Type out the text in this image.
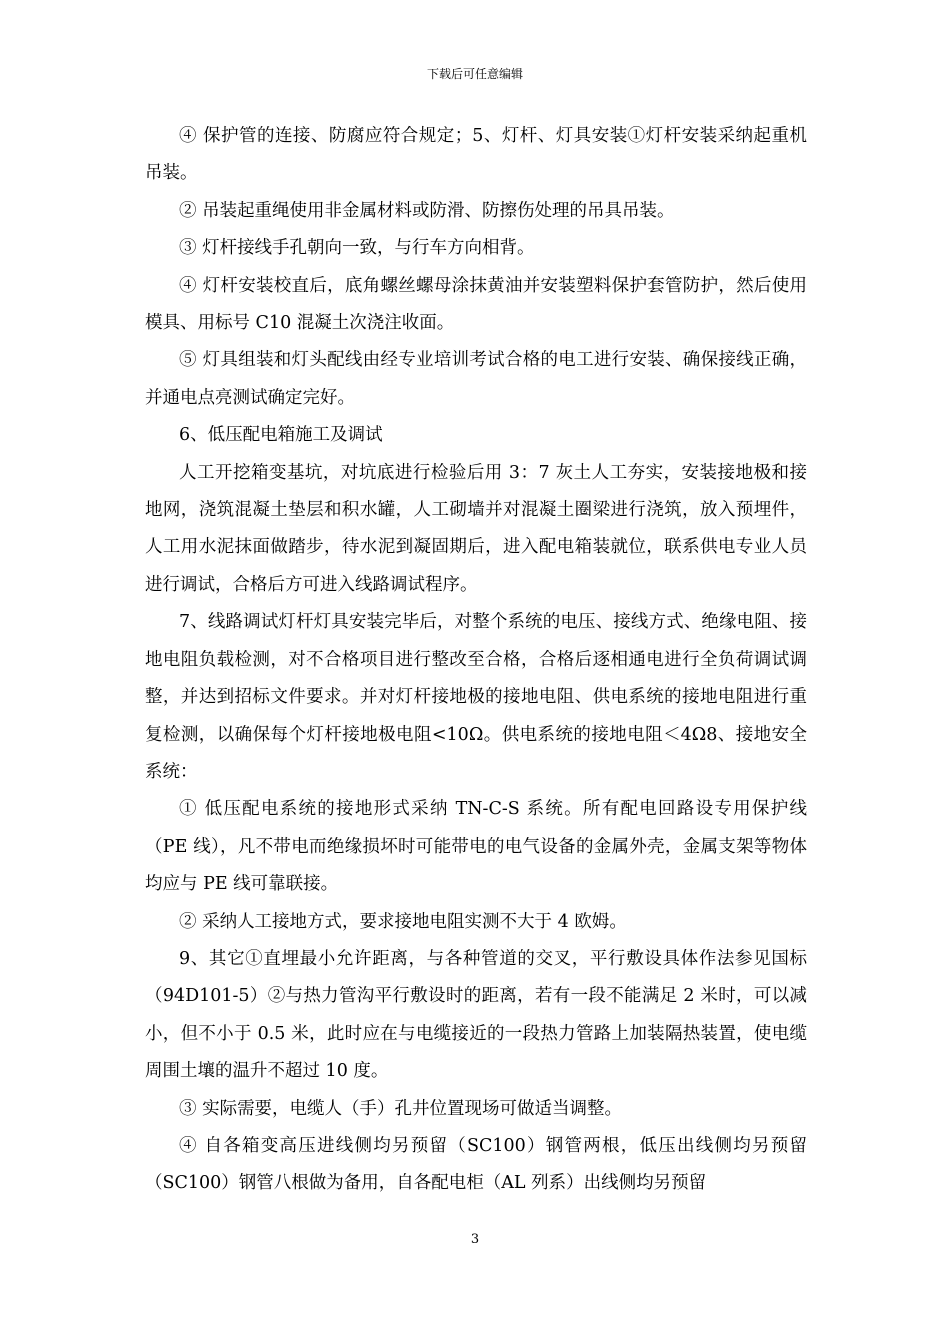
下载后可任意编辑

④ 保护管的连接、防腐应符合规定；5、灯杆、灯具安装①灯杆安装采纳起重机吊装。

② 吊装起重绳使用非金属材料或防滑、防擦伤处理的吊具吊装。

③ 灯杆接线手孔朝向一致，与行车方向相背。

④ 灯杆安装校直后，底角螺丝螺母涂抹黄油并安装塑料保护套管防护，然后使用模具、用标号 C10 混凝土次浇注收面。

⑤ 灯具组装和灯头配线由经专业培训考试合格的电工进行安装、确保接线正确，并通电点亮测试确定完好。

6、低压配电箱施工及调试

人工开挖箱变基坑，对坑底进行检验后用 3：7 灰土人工夯实，安装接地极和接地网，浇筑混凝土垫层和积水罐，人工砌墙并对混凝土圈梁进行浇筑，放入预埋件，人工用水泥抹面做踏步，待水泥到凝固期后，进入配电箱装就位，联系供电专业人员进行调试，合格后方可进入线路调试程序。

7、线路调试灯杆灯具安装完毕后，对整个系统的电压、接线方式、绝缘电阻、接地电阻负载检测，对不合格项目进行整改至合格，合格后逐相通电进行全负荷调试调整，并达到招标文件要求。并对灯杆接地极的接地电阻、供电系统的接地电阻进行重复检测，以确保每个灯杆接地极电阻<10Ω。供电系统的接地电阻＜4Ω8、接地安全系统：

① 低压配电系统的接地形式采纳 TN-C-S 系统。所有配电回路设专用保护线（PE 线），凡不带电而绝缘损坏时可能带电的电气设备的金属外壳，金属支架等物体均应与 PE 线可靠联接。

② 采纳人工接地方式，要求接地电阻实测不大于 4 欧姆。

9、其它①直埋最小允许距离，与各种管道的交叉，平行敷设具体作法参见国标（94D101-5）②与热力管沟平行敷设时的距离，若有一段不能满足 2 米时，可以减小，但不小于 0.5 米，此时应在与电缆接近的一段热力管路上加装隔热装置，使电缆周围土壤的温升不超过 10 度。

③ 实际需要，电缆人（手）孔井位置现场可做适当调整。

④ 自各箱变高压进线侧均另预留（SC100）钢管两根，低压出线侧均另预留（SC100）钢管八根做为备用，自各配电柜（AL 列系）出线侧均另预留

3
